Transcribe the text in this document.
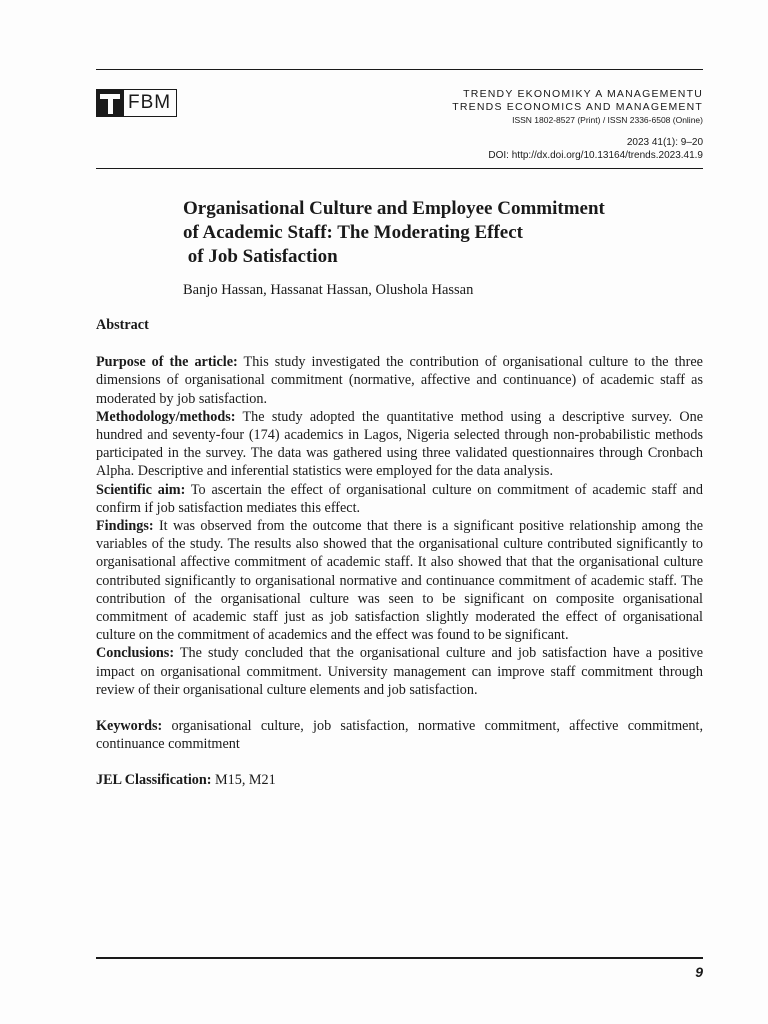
FBM	TRENDY EKONOMIKY A MANAGEMENTU
TRENDS ECONOMICS AND MANAGEMENT
ISSN 1802-8527 (Print) / ISSN 2336-6508 (Online)
2023 41(1): 9–20
DOI: http://dx.doi.org/10.13164/trends.2023.41.9
Organisational Culture and Employee Commitment
of Academic Staff: The Moderating Effect
of Job Satisfaction
Banjo Hassan, Hassanat Hassan, Olushola Hassan
Abstract

Purpose of the article: This study investigated the contribution of organisational culture to the three dimensions of organisational commitment (normative, affective and continuance) of academic staff as moderated by job satisfaction.

Methodology/methods: The study adopted the quantitative method using a descriptive survey. One hundred and seventy-four (174) academics in Lagos, Nigeria selected through non-probabilistic methods participated in the survey. The data was gathered using three validated questionnaires through Cronbach Alpha. Descriptive and inferential statistics were employed for the data analysis.

Scientific aim: To ascertain the effect of organisational culture on commitment of academic staff and confirm if job satisfaction mediates this effect.

Findings: It was observed from the outcome that there is a significant positive relationship among the variables of the study. The results also showed that the organisational culture contributed significantly to organisational affective commitment of academic staff. It also showed that that the organisational culture contributed significantly to organisational normative and continuance commitment of academic staff. The contribution of the organisational culture was seen to be significant on composite organisational commitment of academic staff just as job satisfaction slightly moderated the effect of organisational culture on the commitment of academics and the effect was found to be significant.

Conclusions: The study concluded that the organisational culture and job satisfaction have a positive impact on organisational commitment. University management can improve staff commitment through review of their organisational culture elements and job satisfaction.

Keywords: organisational culture, job satisfaction, normative commitment, affective commitment, continuance commitment

JEL Classification: M15, M21

9
